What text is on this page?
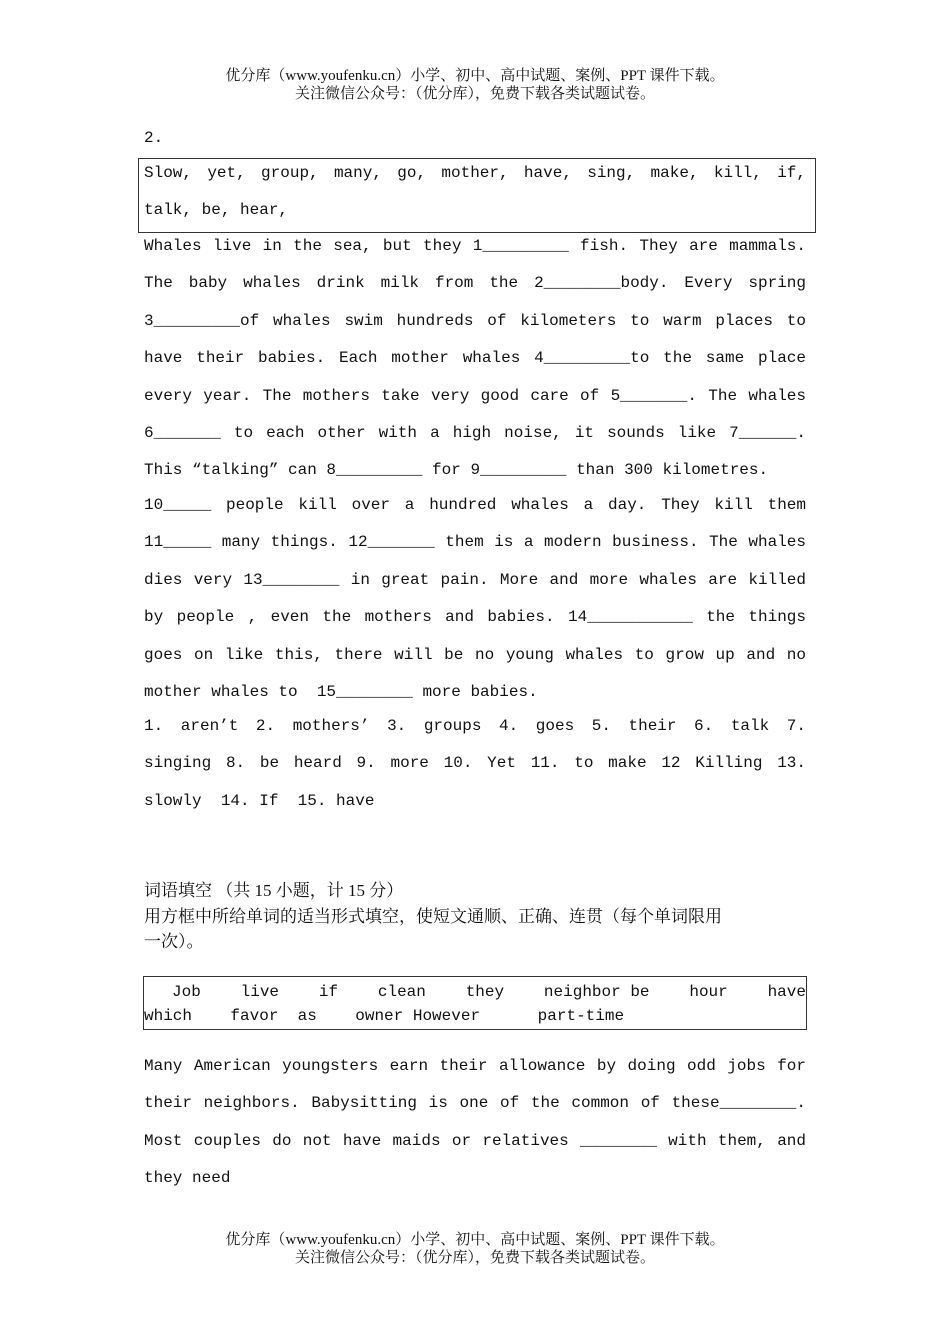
优分库（www.youfenku.cn）小学、初中、高中试题、案例、PPT 课件下载。
关注微信公众号：（优分库），免费下载各类试题试卷。
2.
Slow, yet, group, many, go, mother, have, sing, make, kill, if,
talk, be, hear,
Whales live in the sea, but they 1_________ fish. They are mammals.
The baby whales drink milk from the 2________body. Every spring
3_________of whales swim hundreds of kilometers to warm places to
have their babies. Each mother whales 4_________to the same place
every year. The mothers take very good care of 5_______. The whales
6_______ to each other with a high noise, it sounds like 7______.
This “talking” can 8_________ for 9_________ than 300 kilometres.
10_____ people kill over a hundred whales a day. They kill them
11_____ many things. 12_______ them is a modern business. The whales
dies very 13________ in great pain. More and more whales are killed
by people , even the mothers and babies. 14___________ the things
goes on like this, there will be no young whales to grow up and no
mother whales to  15________ more babies.
1. aren’t 2. mothers’ 3. groups 4. goes 5. their 6. talk 7.
singing 8. be heard 9. more 10. Yet 11. to make 12 Killing 13.
slowly  14. If  15. have
词语填空 （共 15 小题，计 15 分）
用方框中所给单词的适当形式填空，使短文通顺、正确、连贯（每个单词限用
一次）。
Job live if clean they neighbor be hour have
which    favor  as    owner However      part-time
Many American youngsters earn their allowance by doing odd jobs for
their neighbors. Babysitting is one of the common of these________.
Most couples do not have maids or relatives ________ with them, and
they need
优分库（www.youfenku.cn）小学、初中、高中试题、案例、PPT 课件下载。
关注微信公众号：（优分库），免费下载各类试题试卷。
